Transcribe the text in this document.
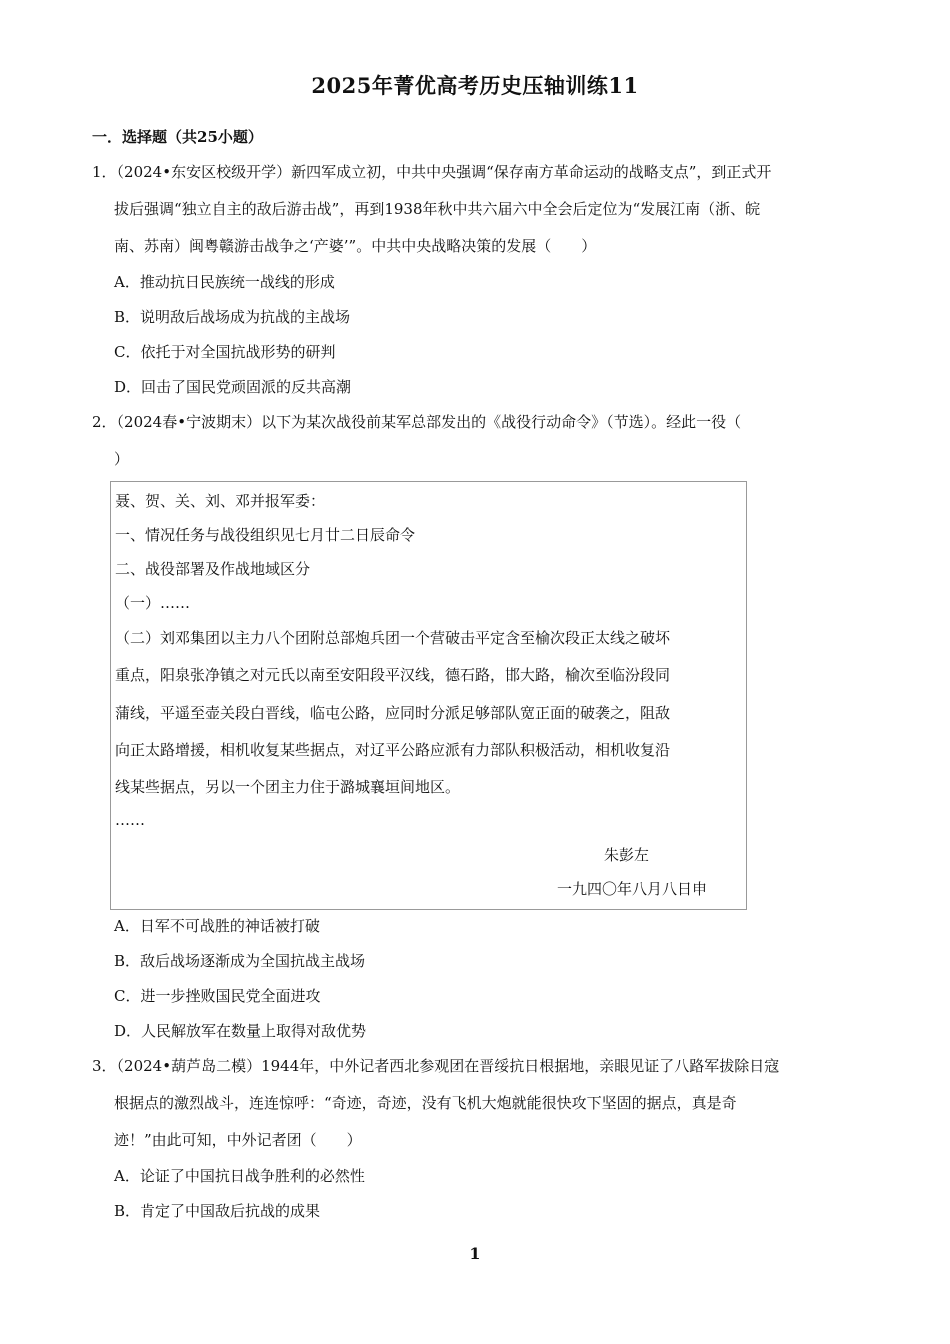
2025年菁优高考历史压轴训练11
一．选择题（共25小题）
1．（2024•东安区校级开学）新四军成立初，中共中央强调“保存南方革命运动的战略支点”，到正式开
拔后强调“独立自主的敌后游击战”，再到1938年秋中共六届六中全会后定位为“发展江南（浙、皖
南、苏南）闽粤赣游击战争之‘产婆’”。中共中央战略决策的发展（　　）
A．推动抗日民族统一战线的形成
B．说明敌后战场成为抗战的主战场
C．依托于对全国抗战形势的研判
D．回击了国民党顽固派的反共高潮
2．（2024春•宁波期末）以下为某次战役前某军总部发出的《战役行动命令》（节选）。经此一役（
）
聂、贺、关、刘、邓并报军委：
一、情况任务与战役组织见七月廿二日辰命令
二、战役部署及作战地域区分
（一）……
（二）刘邓集团以主力八个团附总部炮兵团一个营破击平定含至榆次段正太线之破坏
重点，阳泉张净镇之对元氏以南至安阳段平汉线，德石路，邯大路，榆次至临汾段同
蒲线，平遥至壶关段白晋线，临屯公路，应同时分派足够部队宽正面的破袭之，阻敌
向正太路增援，相机收复某些据点，对辽平公路应派有力部队积极活动，相机收复沿
线某些据点，另以一个团主力住于潞城襄垣间地区。
……
朱彭左
一九四〇年八月八日申
A．日军不可战胜的神话被打破
B．敌后战场逐渐成为全国抗战主战场
C．进一步挫败国民党全面进攻
D．人民解放军在数量上取得对敌优势
3．（2024•葫芦岛二模）1944年，中外记者西北参观团在晋绥抗日根据地，亲眼见证了八路军拔除日寇
根据点的激烈战斗，连连惊呼：“奇迹，奇迹，没有飞机大炮就能很快攻下坚固的据点，真是奇
迹！”由此可知，中外记者团（　　）
A．论证了中国抗日战争胜利的必然性
B．肯定了中国敌后抗战的成果
1
